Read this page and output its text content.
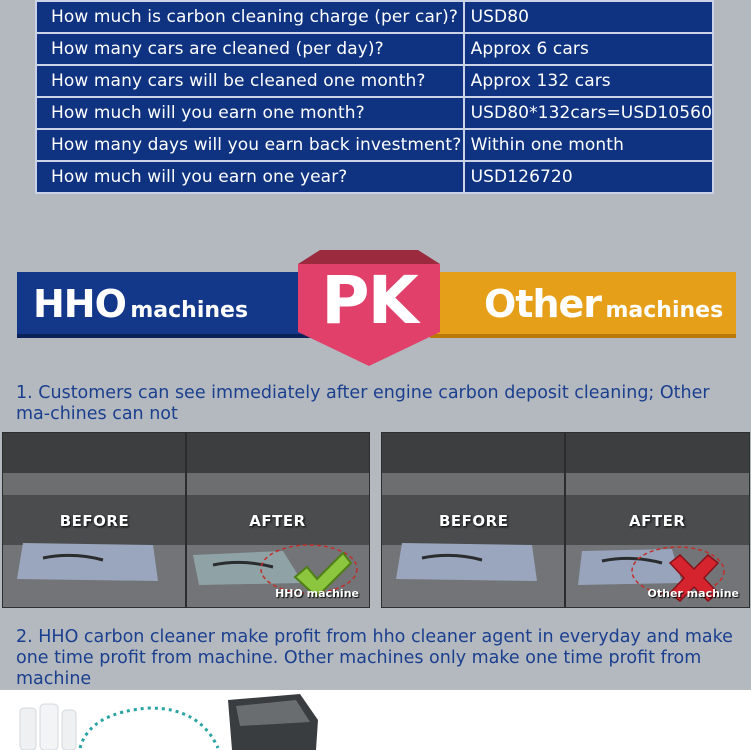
How much is carbon cleaning charge (per car)?	USD80
How many cars are cleaned (per day)?	Approx 6 cars
How many cars will be cleaned one month?	Approx 132 cars
How much will you earn one month?	USD80*132cars=USD10560
How many days will you earn back investment?	Within one month
How much will you earn one year?	USD126720
HHO machines	Other machines
PK
1. Customers can see immediately after engine carbon deposit cleaning; Other ma-chines can not
BEFORE	AFTER
HHO machine
BEFORE	AFTER
Other machine
2. HHO carbon cleaner make profit from hho cleaner agent in everyday and make one time profit from machine. Other machines only make one time profit from machine
